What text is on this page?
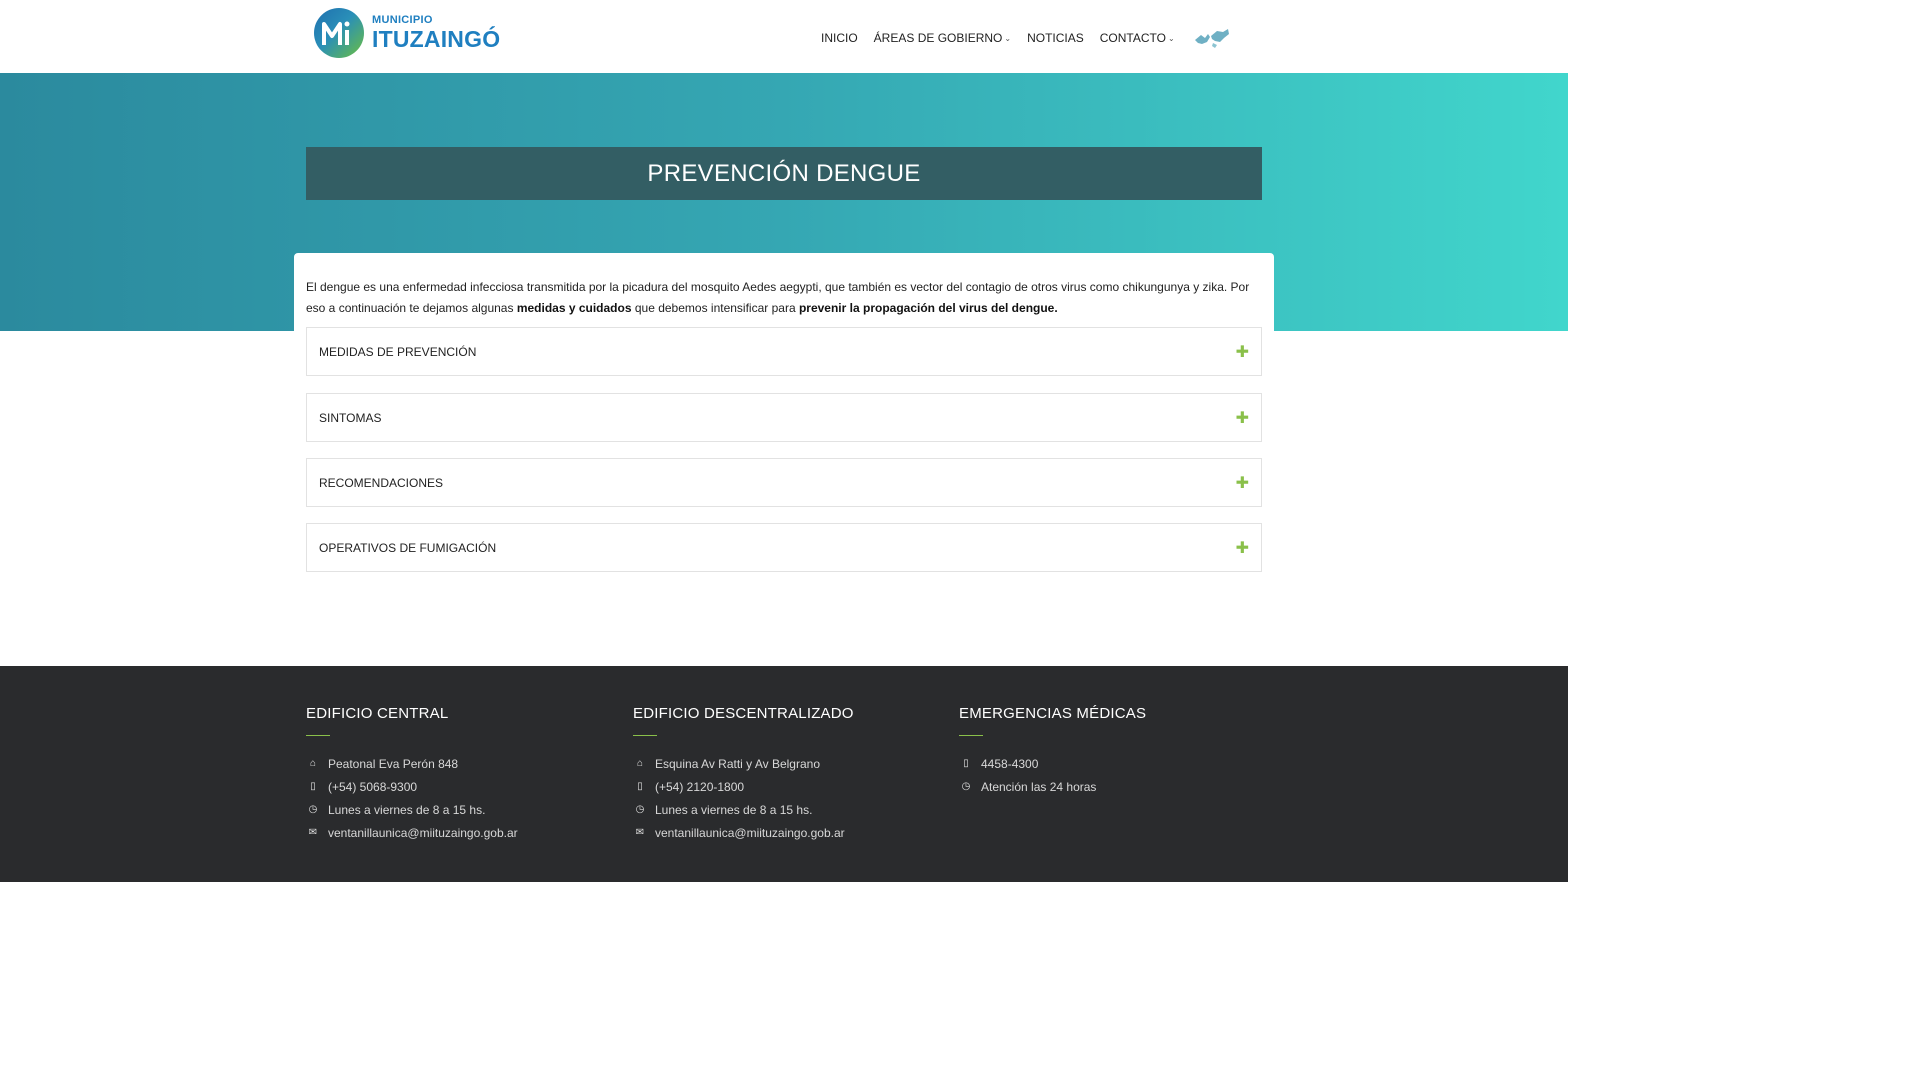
MUNICIPIO
ITUZAINGÓ	INICIO ÁREAS DE GOBIERNO ⌄ NOTICIAS CONTACTO ⌄
PREVENCIÓN DENGUE

El dengue es una enfermedad infecciosa transmitida por la picadura del mosquito Aedes aegypti, que también es vector del contagio de otros virus como chikungunya y zika. Por eso a continuación te dejamos algunas medidas y cuidados que debemos intensificar para prevenir la propagación del virus del dengue.

MEDIDAS DE PREVENCIÓN	✚
SINTOMAS	✚
RECOMENDACIONES	✚
OPERATIVOS DE FUMIGACIÓN	✚
EDIFICIO CENTRAL
⌂ Peatonal Eva Perón 848
▯	(+54) 5068-9300
◷ Lunes a viernes de 8 a 15 hs.
✉ ventanillaunica@miituzaingo.gob.ar
EDIFICIO DESCENTRALIZADO
⌂ Esquina Av Ratti y Av Belgrano
▯	(+54) 2120-1800
◷ Lunes a viernes de 8 a 15 hs.
✉ ventanillaunica@miituzaingo.gob.ar
EMERGENCIAS MÉDICAS
▯	4458-4300
◷ Atención las 24 horas
